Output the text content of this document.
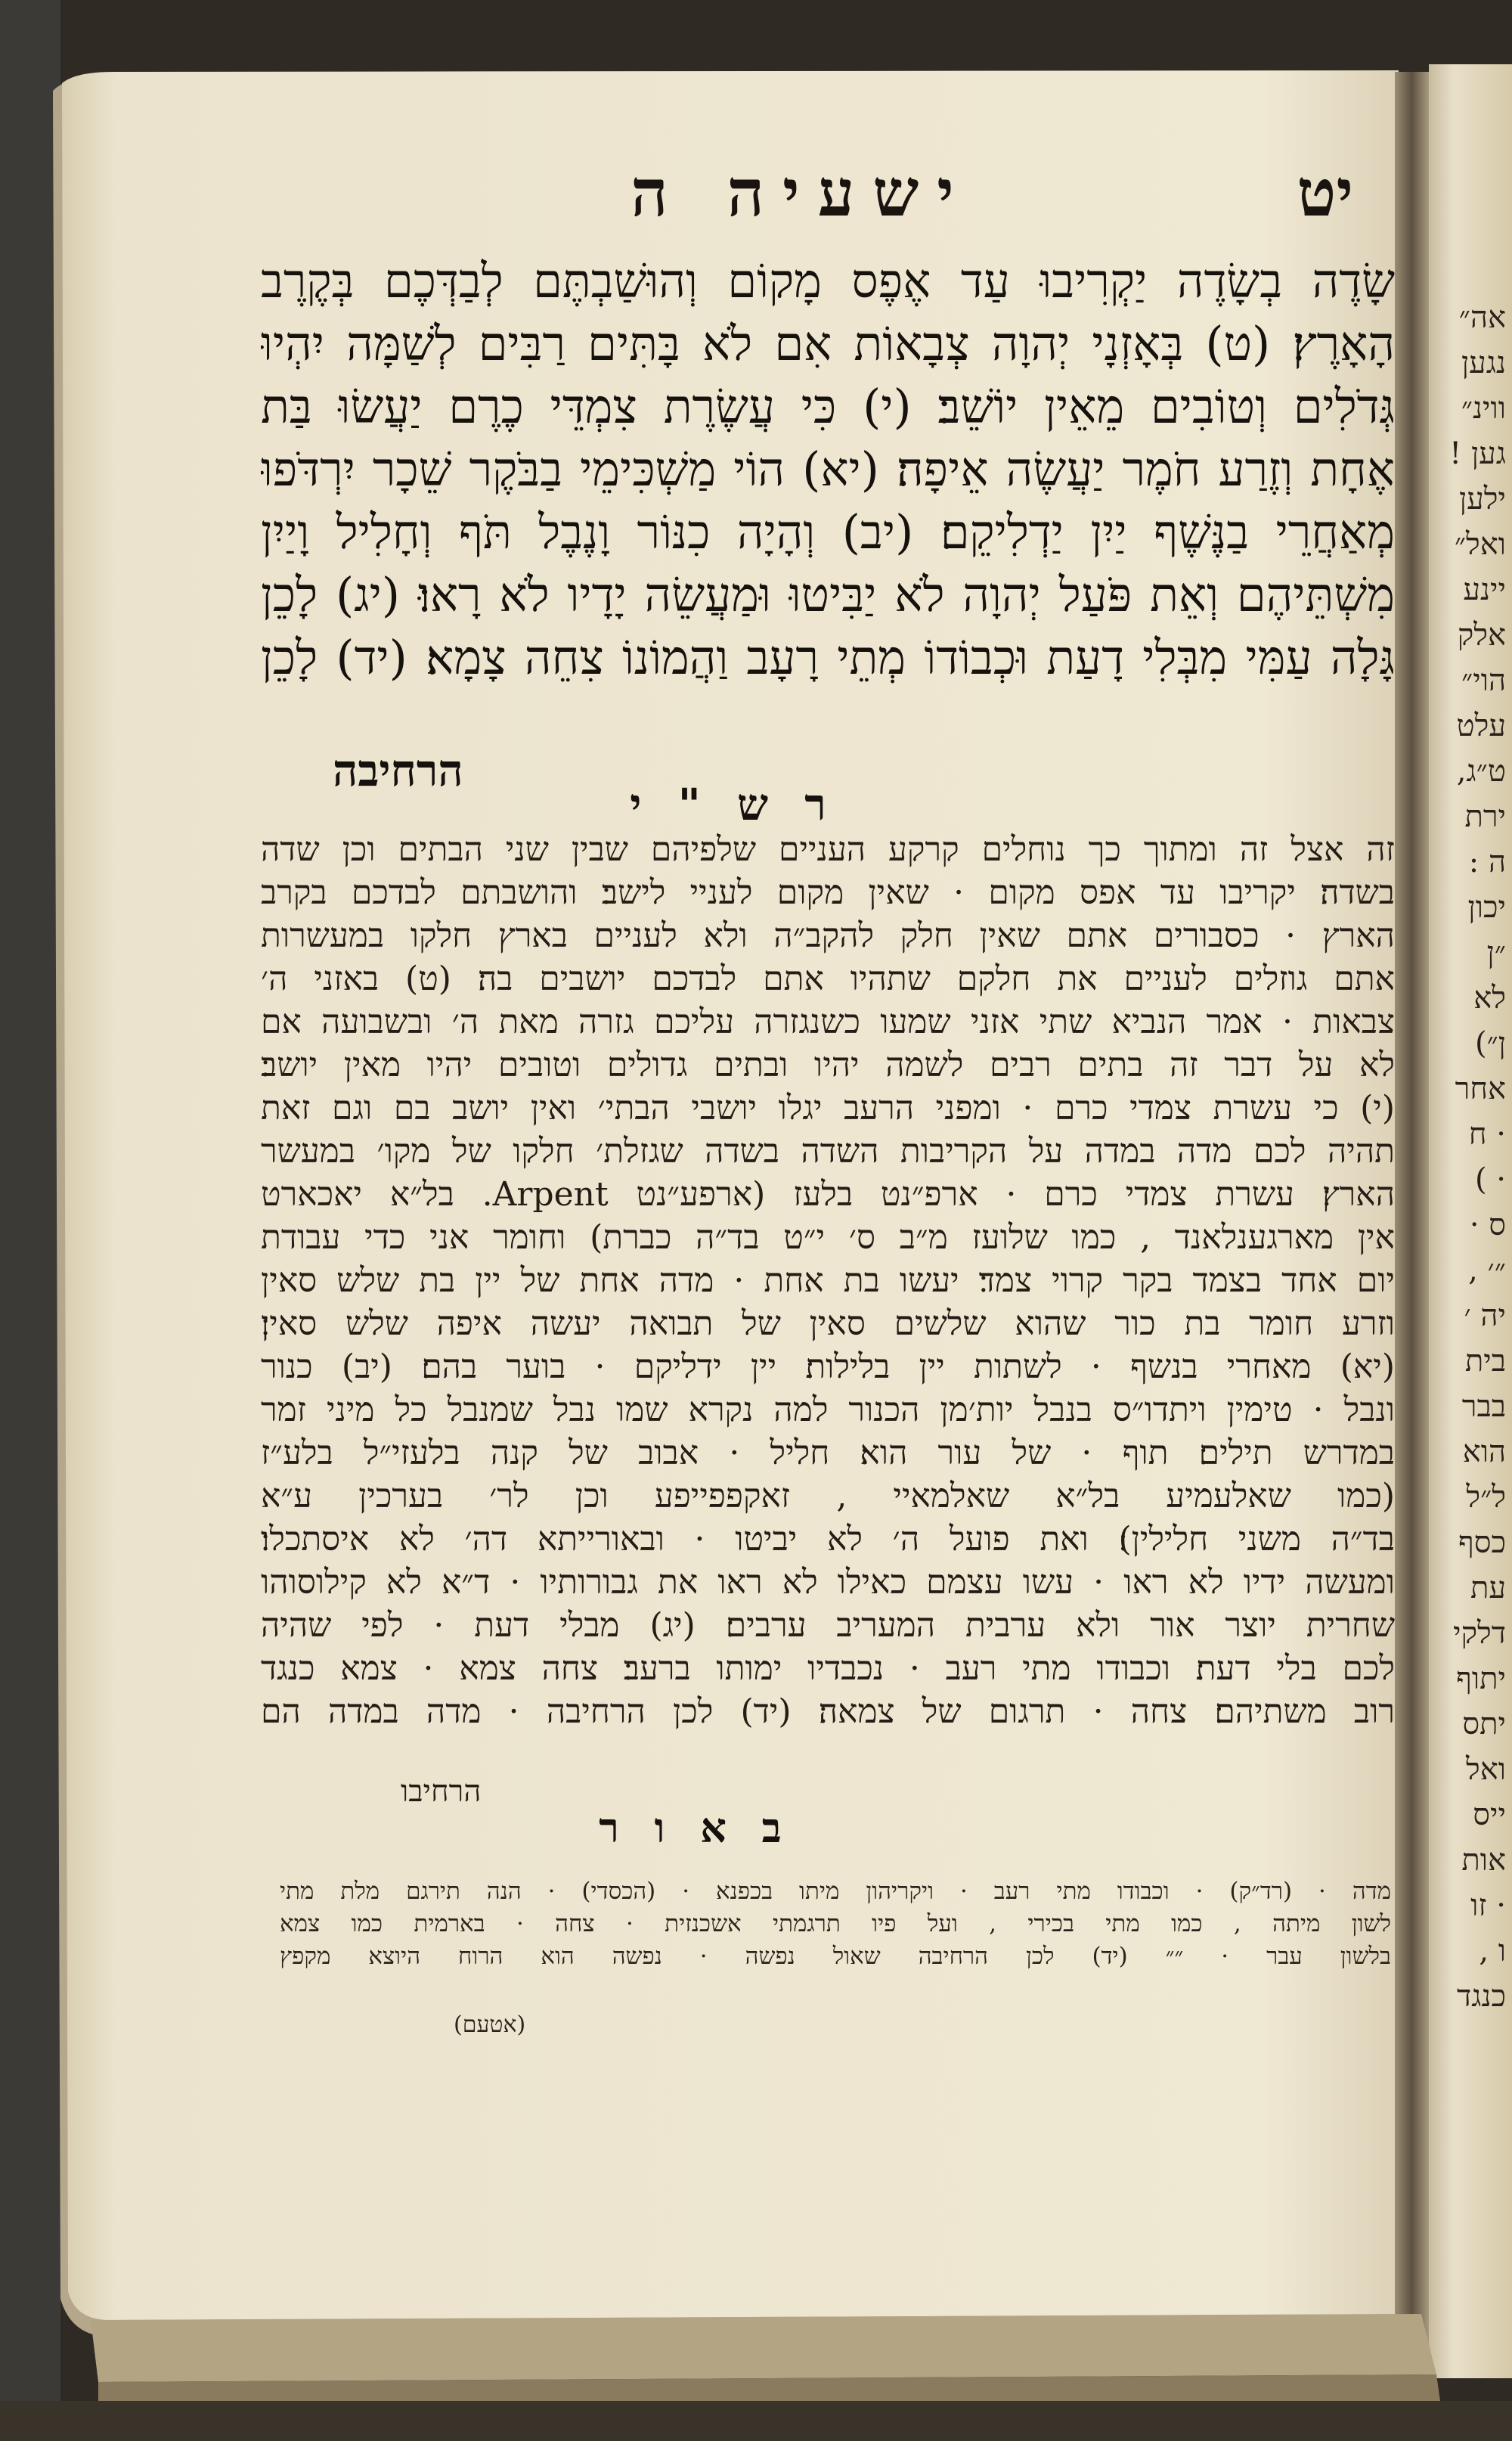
יט
ישעיה ה
שָׂדֶה בְשָׂדֶה יַקְרִיבוּ עַד אֶפֶס מָקוֹם וְהוּשַׁבְתֶּם לְבַדְּכֶם בְּקֶרֶב
הָאָרֶץ׃ (ט) בְּאָזְנָי יְהוָה צְבָאוֹת אִם לֹא בָּתִּים רַבִּים לְשַׁמָּה יִהְיוּ
גְּדֹלִים וְטוֹבִים מֵאֵין יוֹשֵׁב׃ (י) כִּי עֲשֶׂרֶת צִמְדֵּי כֶרֶם יַעֲשׂוּ בַּת
אֶחָת וְזֶרַע חֹמֶר יַעֲשֶׂה אֵיפָה׃ (יא) הוֹי מַשְׁכִּימֵי בַבֹּקֶר שֵׁכָר יִרְדֹּפוּ
מְאַחֲרֵי בַנֶּשֶׁף יַיִן יַדְלִיקֵם׃ (יב) וְהָיָה כִנּוֹר וָנֶבֶל תֹּף וְחָלִיל וָיַיִן
מִשְׁתֵּיהֶם וְאֵת פֹּעַל יְהוָה לֹא יַבִּיטוּ וּמַעֲשֵׂה יָדָיו לֹא רָאוּ׃ (יג) לָכֵן
גָּלָה עַמִּי מִבְּלִי דָעַת וּכְבוֹדוֹ מְתֵי רָעָב וַהֲמוֹנוֹ צִחֵה צָמָא׃ (יד) לָכֵן
הרחיבה
ר ש " י
זה אצל זה ומתוך כך נוחלים קרקע העניים שלפיהם שבין שני הבתים וכן שדה
בשדה׃ יקריבו עד אפס מקום · שאין מקום לעניי לישב׃ והושבתם לבדכם בקרב
הארץ · כסבורים אתם שאין חלק להקב״ה ולא לעניים בארץ חלקו במעשרות
אתם גוזלים לעניים את חלקם שתהיו אתם לבדכם יושבים בה׃ (ט) באזני ה׳
צבאות · אמר הנביא שתי אזני שמעו כשנגזרה עליכם גזרה מאת ה׳ ובשבועה אם
לא על דבר זה בתים רבים לשמה יהיו ובתים גדולים וטובים יהיו מאין יושב׃
(י) כי עשרת צמדי כרם · ומפני הרעב יגלו יושבי הבתי׳ ואין יושב בם וגם זאת
תהיה לכם מדה במדה על הקריבות השדה בשדה שגזלת׳ חלקו של מקו׳ במעשר
הארץ׃ עשרת צמדי כרם · ארפ״נט בלעז (ארפע״נט Arpent. בל״א יאכארט
אין מארגענלאנד , כמו שלועז מ״ב ס׳ י״ט בד״ה כברת) וחומר אני כדי עבודת
יום אחד בצמד בקר קרוי צמד׃ יעשו בת אחת · מדה אחת של יין בת שלש סאין
וזרע חומר בת כור שהוא שלשים סאין של תבואה יעשה איפה שלש סאין׃
(יא) מאחרי בנשף · לשתות יין בלילות׃ יין ידליקם · בוער בהם׃ (יב) כנור
ונבל · טימין ויתדו״ס בנבל יות׳מן הכנור למה נקרא שמו נבל שמנבל כל מיני זמר
במדרש תילים׃ תוף · של עור הוא׃ חליל · אבוב של קנה בלעזי״ל בלע״ז
(כמו שאלעמיע בל״א שאלמאיי , זאקפפייפע וכן לר׳ בערכין ע״א
בד״ה משני חלילין)׃ ואת פועל ה׳ לא יביטו · ובאורייתא דה׳ לא איסתכלו׃
ומעשה ידיו לא ראו · עשו עצמם כאילו לא ראו את גבורותיו · ד״א לא קילוסוהו
שחרית יוצר אור ולא ערבית המעריב ערבים׃ (יג) מבלי דעת · לפי שהיה
לכם בלי דעת׃ וכבודו מתי רעב · נכבדיו ימותו ברעב׃ צחה צמא · צמא כנגד
רוב משתיהם׃ צחה · תרגום של צמאה׃ (יד) לכן הרחיבה · מדה במדה הם
הרחיבו
ב א ו ר
מדה · (רד״ק) · וכבודו מתי רעב · ויקריהון מיתו בכפנא · (הכסדי) · הנה תירגם מלת מתי
לשון מיתה , כמו מתי בכירי , ועל פיו תרגמתי אשכנזית · צחה · בארמית כמו צמא
בלשון עבר · ״״ (יד) לכן הרחיבה שאול נפשה · נפשה הוא הרוח היוצא מקפץ
(אטעם)
אה״
נגען
ווינ״
גען !
ילען
ואל״
יינע
אלק
הוי״
עלט
ט״ג,
ירת
ה :
יכון
״ן
לא
ן״)
אחר
· ח
· )
ס ·
״׳ ,
יה ׳
בית
בבר
הוא
ל״ל
כסף
עת
דלקי
יתוף
יתס
ואל
ייס
אות
· זו
ו ,
כנגד
